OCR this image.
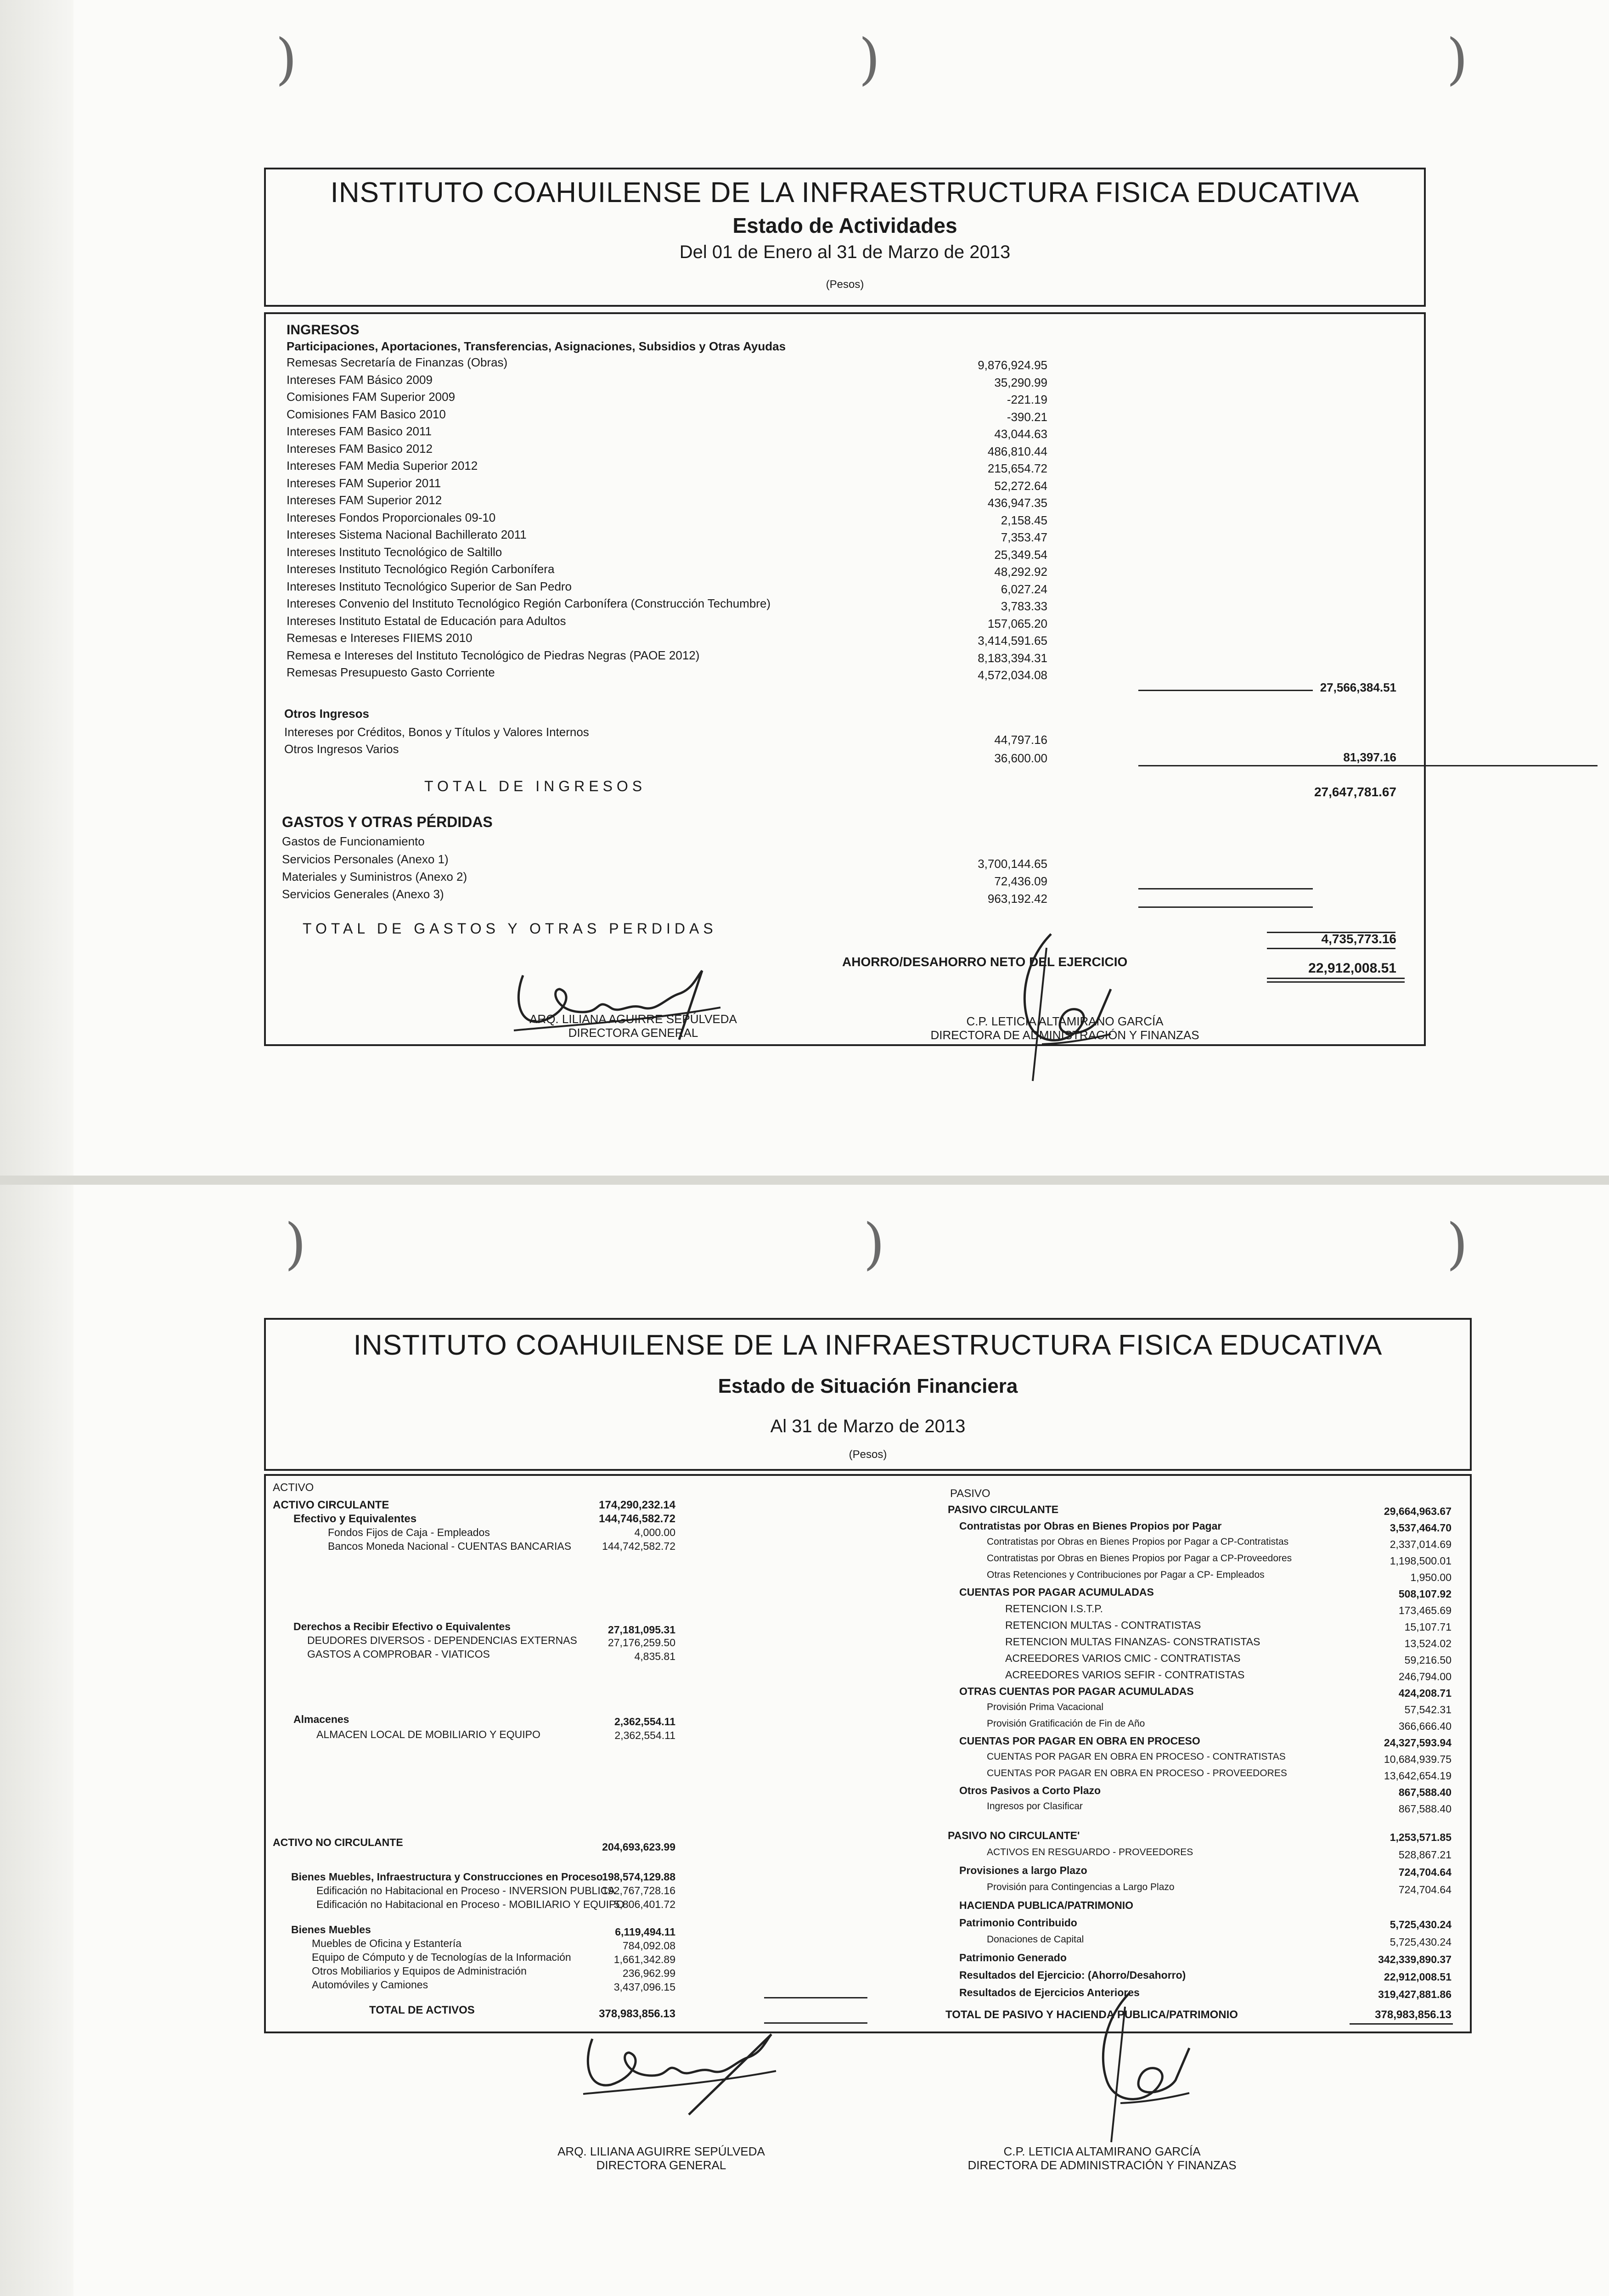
)	)	)
INSTITUTO COAHUILENSE DE LA INFRAESTRUCTURA FISICA EDUCATIVA
Estado de Actividades
Del 01 de Enero al 31 de Marzo de 2013
(Pesos)
INGRESOS
Participaciones, Aportaciones, Transferencias, Asignaciones, Subsidios y Otras Ayudas
Remesas Secretaría de Finanzas (Obras)	9,876,924.95
Intereses FAM Básico 2009	35,290.99
Comisiones FAM Superior 2009	-221.19
Comisiones FAM Basico 2010	-390.21
Intereses FAM Basico 2011	43,044.63
Intereses FAM Basico 2012	486,810.44
Intereses FAM Media Superior 2012	215,654.72
Intereses FAM Superior 2011	52,272.64
Intereses FAM Superior 2012	436,947.35
Intereses Fondos Proporcionales 09-10	2,158.45
Intereses Sistema Nacional Bachillerato 2011	7,353.47
Intereses Instituto Tecnológico de Saltillo	25,349.54
Intereses Instituto Tecnológico Región Carbonífera	48,292.92
Intereses Instituto Tecnológico Superior de San Pedro	6,027.24
Intereses Convenio del Instituto Tecnológico Región Carbonífera (Construcción Techumbre)	3,783.33
Intereses Instituto Estatal de Educación para Adultos	157,065.20
Remesas e Intereses FIIEMS 2010	3,414,591.65
Remesa e Intereses del Instituto Tecnológico de Piedras Negras (PAOE 2012)	8,183,394.31
Remesas Presupuesto Gasto Corriente	4,572,034.08
27,566,384.51
Otros Ingresos
Intereses por Créditos, Bonos y Títulos y Valores Internos
44,797.16
Otros Ingresos Varios
36,600.00	81,397.16
TOTAL DE INGRESOS	27,647,781.67
GASTOS Y OTRAS PÉRDIDAS
Gastos de Funcionamiento
Servicios Personales (Anexo 1)	3,700,144.65
Materiales y Suministros (Anexo 2)	72,436.09
Servicios Generales (Anexo 3)	963,192.42
TOTAL DE GASTOS Y OTRAS PERDIDAS
4,735,773.16
AHORRO/DESAHORRO NETO DEL EJERCICIO	22,912,008.51
ARQ. LILIANA AGUIRRE SEPÚLVEDA
DIRECTORA GENERAL
C.P. LETICIA ALTAMIRANO GARCÍA
DIRECTORA DE ADMINISTRACIÓN Y FINANZAS
)	)	)
INSTITUTO COAHUILENSE DE LA INFRAESTRUCTURA FISICA EDUCATIVA
Estado de Situación Financiera
Al 31 de Marzo de 2013
(Pesos)
ACTIVO
ACTIVO CIRCULANTE	174,290,232.14
Efectivo y Equivalentes	144,746,582.72
Fondos Fijos de Caja - Empleados	4,000.00
Bancos Moneda Nacional - CUENTAS BANCARIAS	144,742,582.72
Derechos a Recibir Efectivo o Equivalentes	27,181,095.31
DEUDORES DIVERSOS - DEPENDENCIAS EXTERNAS	27,176,259.50
GASTOS A COMPROBAR - VIATICOS	4,835.81
Almacenes	2,362,554.11
ALMACEN LOCAL DE MOBILIARIO Y EQUIPO	2,362,554.11
ACTIVO NO CIRCULANTE	204,693,623.99
Bienes Muebles, Infraestructura y Construcciones en Proceso
198,574,129.88
Edificación no Habitacional en Proceso - INVERSION PUBLICA
192,767,728.16
Edificación no Habitacional en Proceso - MOBILIARIO Y EQUIPO
5,806,401.72
Bienes Muebles	6,119,494.11
Muebles de Oficina y Estantería	784,092.08
Equipo de Cómputo y de Tecnologías de la Información	1,661,342.89
Otros Mobiliarios y Equipos de Administración	236,962.99
Automóviles y Camiones	3,437,096.15
TOTAL DE ACTIVOS	378,983,856.13
PASIVO
PASIVO CIRCULANTE	29,664,963.67
Contratistas por Obras en Bienes Propios por Pagar	3,537,464.70
Contratistas por Obras en Bienes Propios por Pagar a CP-Contratistas	2,337,014.69
Contratistas por Obras en Bienes Propios por Pagar a CP-Proveedores	1,198,500.01
Otras Retenciones y Contribuciones por Pagar a CP- Empleados	1,950.00
CUENTAS POR PAGAR ACUMULADAS	508,107.92
RETENCION I.S.T.P.	173,465.69
RETENCION MULTAS - CONTRATISTAS	15,107.71
RETENCION MULTAS FINANZAS- CONSTRATISTAS	13,524.02
ACREEDORES VARIOS CMIC - CONTRATISTAS	59,216.50
ACREEDORES VARIOS SEFIR - CONTRATISTAS	246,794.00
OTRAS CUENTAS POR PAGAR ACUMULADAS	424,208.71
Provisión Prima Vacacional	57,542.31
Provisión Gratificación de Fin de Año	366,666.40
CUENTAS POR PAGAR EN OBRA EN PROCESO	24,327,593.94
CUENTAS POR PAGAR EN OBRA EN PROCESO - CONTRATISTAS	10,684,939.75
CUENTAS POR PAGAR EN OBRA EN PROCESO - PROVEEDORES	13,642,654.19
Otros Pasivos a Corto Plazo	867,588.40
Ingresos por Clasificar	867,588.40
PASIVO NO CIRCULANTE'	1,253,571.85
ACTIVOS EN RESGUARDO - PROVEEDORES	528,867.21
Provisiones a largo Plazo	724,704.64
Provisión para Contingencias a Largo Plazo	724,704.64
HACIENDA PUBLICA/PATRIMONIO
Patrimonio Contribuido	5,725,430.24
Donaciones de Capital	5,725,430.24
Patrimonio Generado	342,339,890.37
Resultados del Ejercicio: (Ahorro/Desahorro)	22,912,008.51
Resultados de Ejercicios Anteriores	319,427,881.86
TOTAL DE PASIVO Y HACIENDA PUBLICA/PATRIMONIO	378,983,856.13
ARQ. LILIANA AGUIRRE SEPÚLVEDA
DIRECTORA GENERAL
C.P. LETICIA ALTAMIRANO GARCÍA
DIRECTORA DE ADMINISTRACIÓN Y FINANZAS
